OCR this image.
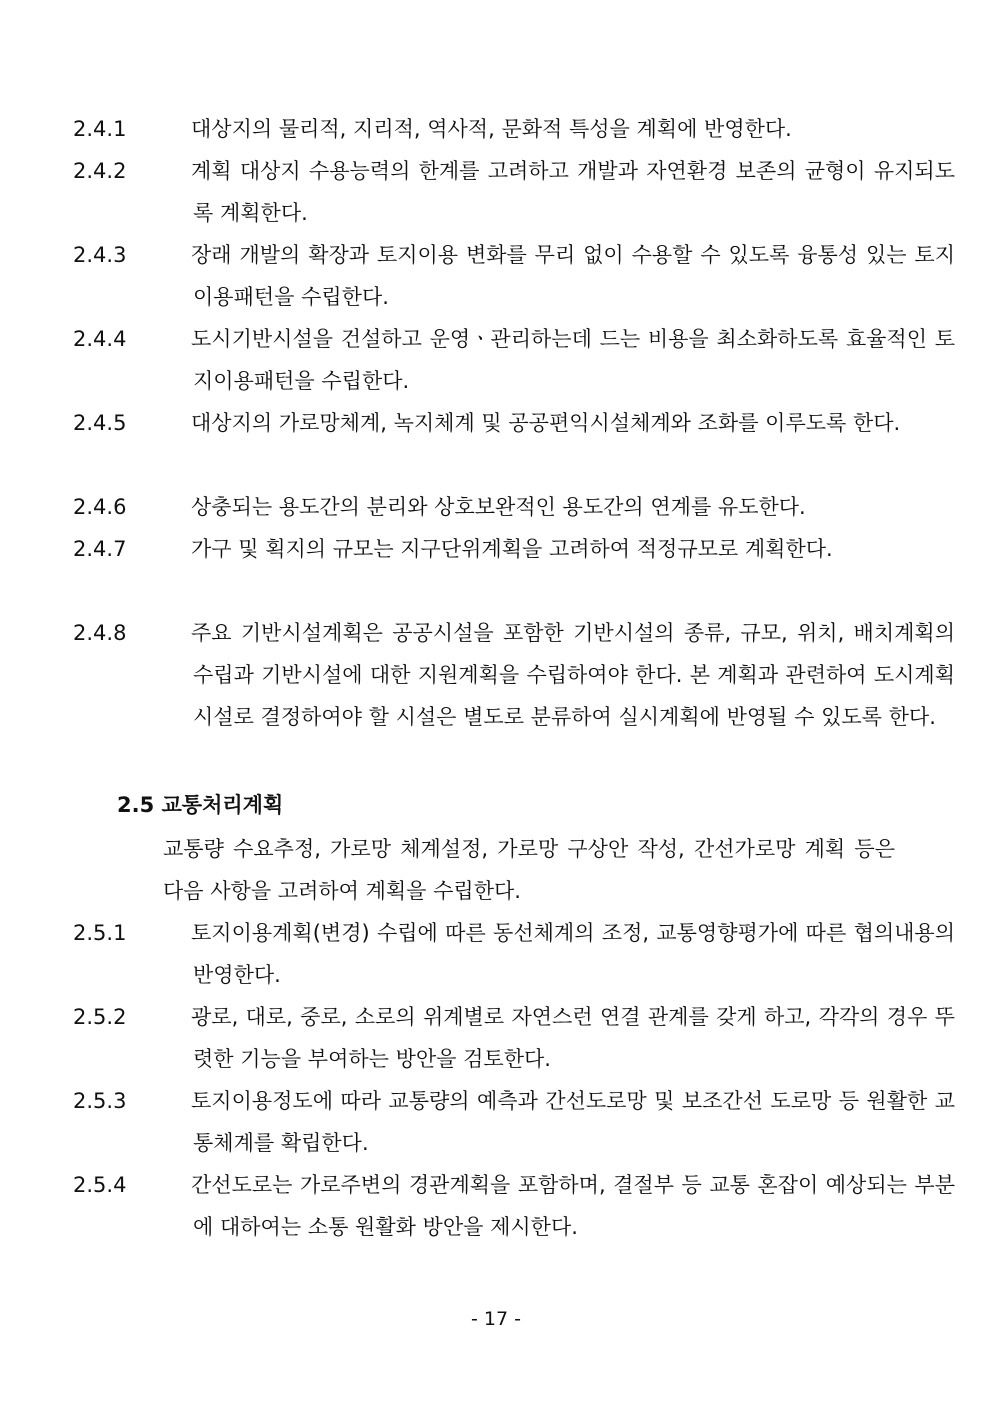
2.4.1	대상지의 물리적, 지리적, 역사적, 문화적 특성을 계획에 반영한다.
2.4.2	계획 대상지 수용능력의 한계를 고려하고 개발과 자연환경 보존의 균형이 유지되도록 계획한다.
2.4.3	장래 개발의 확장과 토지이용 변화를 무리 없이 수용할 수 있도록 융통성 있는 토지이용패턴을 수립한다.
2.4.4	도시기반시설을 건설하고 운영ㆍ관리하는데 드는 비용을 최소화하도록 효율적인 토지이용패턴을 수립한다.
2.4.5	대상지의 가로망체계, 녹지체계 및 공공편익시설체계와 조화를 이루도록 한다.
2.4.6	상충되는 용도간의 분리와 상호보완적인 용도간의 연계를 유도한다.
2.4.7	가구 및 획지의 규모는 지구단위계획을 고려하여 적정규모로 계획한다.
2.4.8	주요 기반시설계획은 공공시설을 포함한 기반시설의 종류, 규모, 위치, 배치계획의 수립과 기반시설에 대한 지원계획을 수립하여야 한다. 본 계획과 관련하여 도시계획시설로 결정하여야 할 시설은 별도로 분류하여 실시계획에 반영될 수 있도록 한다.
2.5 교통처리계획
교통량 수요추정, 가로망 체계설정, 가로망 구상안 작성, 간선가로망 계획 등은 다음 사항을 고려하여 계획을 수립한다.
2.5.1	토지이용계획(변경) 수립에 따른 동선체계의 조정, 교통영향평가에 따른 협의내용의 반영한다.
2.5.2	광로, 대로, 중로, 소로의 위계별로 자연스런 연결 관계를 갖게 하고, 각각의 경우 뚜렷한 기능을 부여하는 방안을 검토한다.
2.5.3	토지이용정도에 따라 교통량의 예측과 간선도로망 및 보조간선 도로망 등 원활한 교통체계를 확립한다.
2.5.4	간선도로는 가로주변의 경관계획을 포함하며, 결절부 등 교통 혼잡이 예상되는 부분에 대하여는 소통 원활화 방안을 제시한다.
- 17 -
